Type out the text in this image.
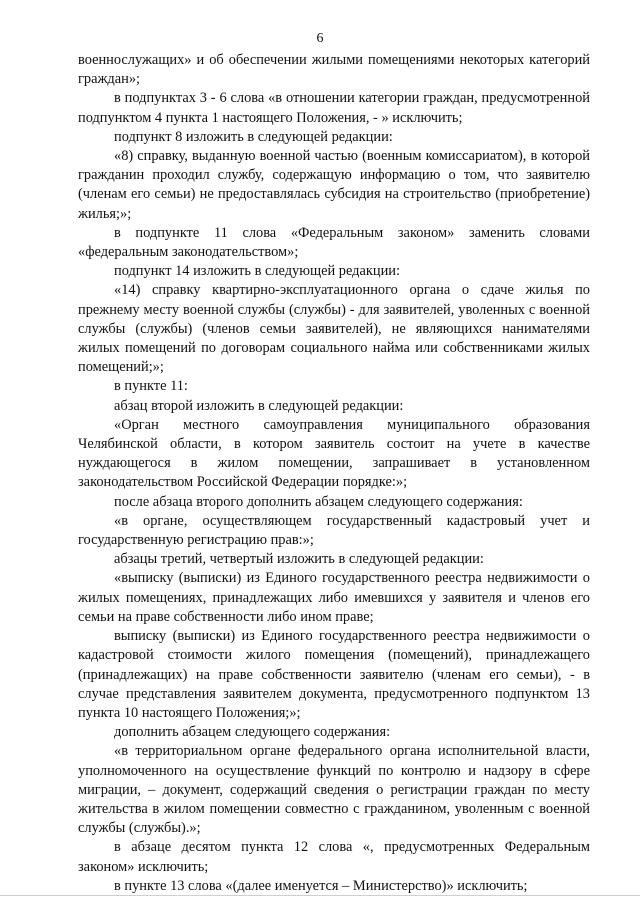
6

военнослужащих» и об обеспечении жилыми помещениями некоторых категорий граждан»;

в подпунктах 3 - 6 слова «в отношении категории граждан, предусмотренной подпунктом 4 пункта 1 настоящего Положения, - » исключить;

подпункт 8 изложить в следующей редакции:

«8) справку, выданную военной частью (военным комиссариатом), в которой гражданин проходил службу, содержащую информацию о том, что заявителю (членам его семьи) не предоставлялась субсидия на строительство (приобретение) жилья;»;

в подпункте 11 слова «Федеральным законом» заменить словами «федеральным законодательством»;

подпункт 14 изложить в следующей редакции:

«14) справку квартирно-эксплуатационного органа о сдаче жилья по прежнему месту военной службы (службы) - для заявителей, уволенных с военной службы (службы) (членов семьи заявителей), не являющихся нанимателями жилых помещений по договорам социального найма или собственниками жилых помещений;»;

в пункте 11:

абзац второй изложить в следующей редакции:

«Орган местного самоуправления муниципального образования Челябинской области, в котором заявитель состоит на учете в качестве нуждающегося в жилом помещении, запрашивает в установленном законодательством Российской Федерации порядке:»;

после абзаца второго дополнить абзацем следующего содержания:

«в органе, осуществляющем государственный кадастровый учет и государственную регистрацию прав:»;

абзацы третий, четвертый изложить в следующей редакции:

«выписку (выписки) из Единого государственного реестра недвижимости о жилых помещениях, принадлежащих либо имевшихся у заявителя и членов его семьи на праве собственности либо ином праве;

выписку (выписки) из Единого государственного реестра недвижимости о кадастровой стоимости жилого помещения (помещений), принадлежащего (принадлежащих) на праве собственности заявителю (членам его семьи), - в случае представления заявителем документа, предусмотренного подпунктом 13 пункта 10 настоящего Положения;»;

дополнить абзацем следующего содержания:

«в территориальном органе федерального органа исполнительной власти, уполномоченного на осуществление функций по контролю и надзору в сфере миграции, – документ, содержащий сведения о регистрации граждан по месту жительства в жилом помещении совместно с гражданином, уволенным с военной службы (службы).»;

в абзаце десятом пункта 12 слова «, предусмотренных Федеральным законом» исключить;

в пункте 13 слова «(далее именуется – Министерство)» исключить;
